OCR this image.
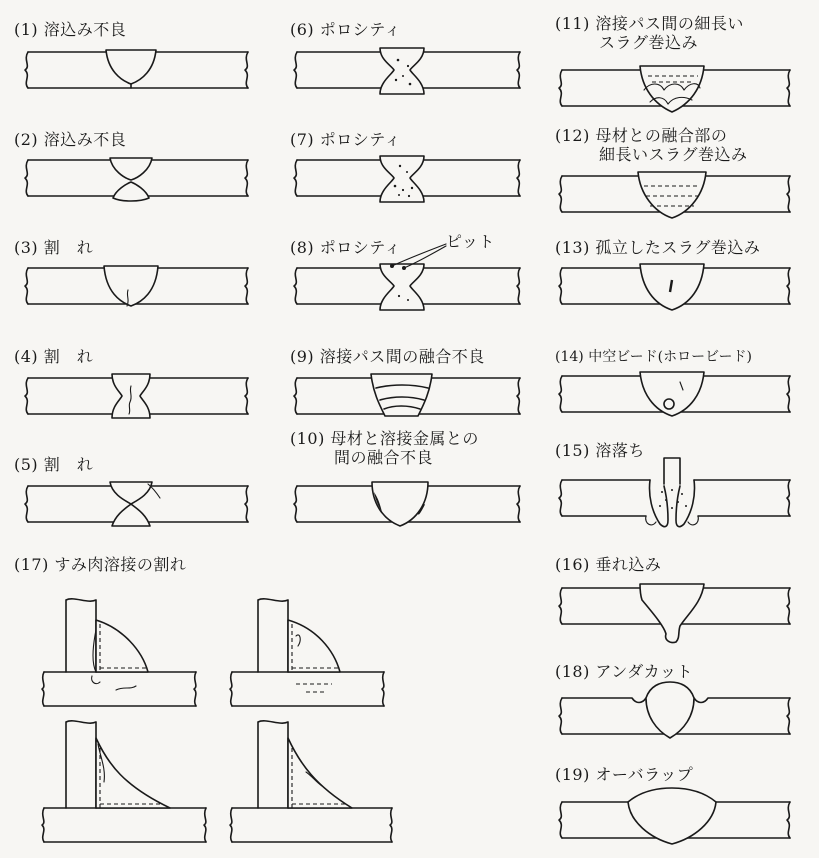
(1) 溶込み不良
(2) 溶込み不良
(3) 割　れ
(4) 割　れ
(5) 割　れ
(6) ポロシティ
(7) ポロシティ
(8) ポロシティ	ピット
(9) 溶接パス間の融合不良
(10) 母材と溶接金属との
間の融合不良
(11) 溶接パス間の細長い
スラグ巻込み
(12) 母材との融合部の
細長いスラグ巻込み
(13) 孤立したスラグ巻込み
(14) 中空ビード(ホロービード)
(15) 溶落ち
(17) すみ肉溶接の割れ	(16) 垂れ込み
(18) アンダカット
(19) オーバラップ
